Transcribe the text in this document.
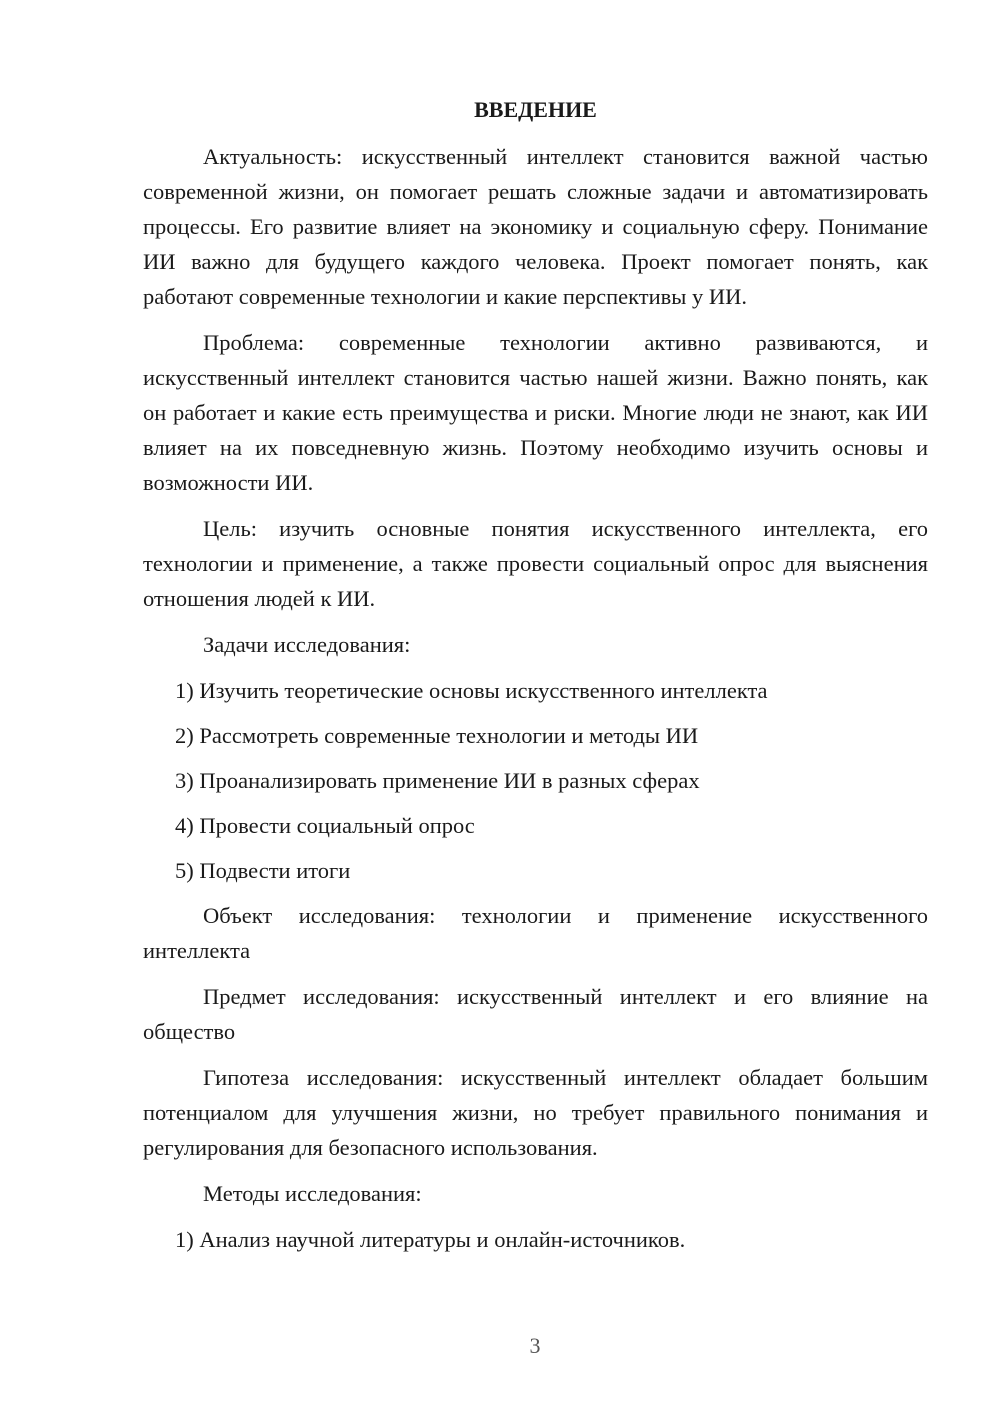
ВВЕДЕНИЕ

Актуальность: искусственный интеллект становится важной частью современной жизни, он помогает решать сложные задачи и автоматизировать процессы. Его развитие влияет на экономику и социальную сферу. Понимание ИИ важно для будущего каждого человека. Проект помогает понять, как работают современные технологии и какие перспективы у ИИ.

Проблема: современные технологии активно развиваются, и искусственный интеллект становится частью нашей жизни. Важно понять, как он работает и какие есть преимущества и риски. Многие люди не знают, как ИИ влияет на их повседневную жизнь. Поэтому необходимо изучить основы и возможности ИИ.

Цель: изучить основные понятия искусственного интеллекта, его технологии и применение, а также провести социальный опрос для выяснения отношения людей к ИИ.

Задачи исследования:

1) Изучить теоретические основы искусственного интеллекта

2) Рассмотреть современные технологии и методы ИИ

3) Проанализировать применение ИИ в разных сферах

4) Провести социальный опрос

5) Подвести итоги

Объект исследования: технологии и применение искусственного интеллекта

Предмет исследования: искусственный интеллект и его влияние на общество

Гипотеза исследования: искусственный интеллект обладает большим потенциалом для улучшения жизни, но требует правильного понимания и регулирования для безопасного использования.

Методы исследования:

1) Анализ научной литературы и онлайн-источников.

3
